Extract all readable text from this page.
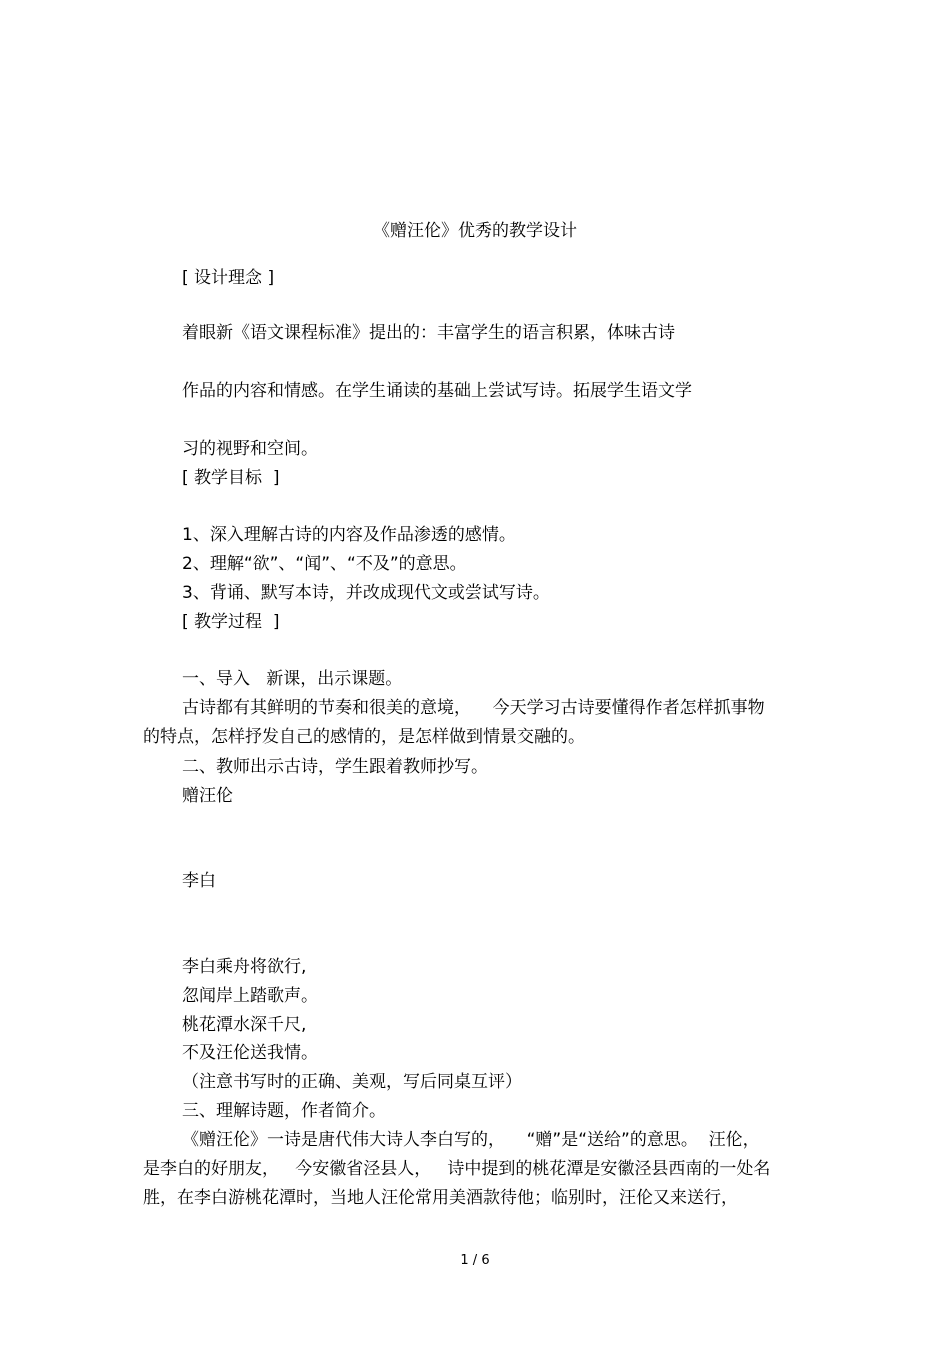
《赠汪伦》优秀的教学设计

[ 设计理念 ]

着眼新《语文课程标准》提出的：丰富学生的语言积累，体味古诗

作品的内容和情感。在学生诵读的基础上尝试写诗。拓展学生语文学

习的视野和空间。

[ 教学目标  ]

1、深入理解古诗的内容及作品渗透的感情。

2、理解“欲”、“闻”、“不及”的意思。

3、背诵、默写本诗，并改成现代文或尝试写诗。

[ 教学过程  ]

一、导入   新课，出示课题。

古诗都有其鲜明的节奏和很美的意境，    今天学习古诗要懂得作者怎样抓事物

的特点，怎样抒发自己的感情的，是怎样做到情景交融的。

二、教师出示古诗，学生跟着教师抄写。

赠汪伦

李白

李白乘舟将欲行,

忽闻岸上踏歌声。

桃花潭水深千尺,

不及汪伦送我情。

（注意书写时的正确、美观，写后同桌互评）

三、理解诗题，作者简介。

《赠汪伦》一诗是唐代伟大诗人李白写的，    “赠”是“送给”的意思。  汪伦，

是李白的好朋友，   今安徽省泾县人，   诗中提到的桃花潭是安徽泾县西南的一处名

胜，在李白游桃花潭时，当地人汪伦常用美酒款待他；临别时，汪伦又来送行，

1 / 6
